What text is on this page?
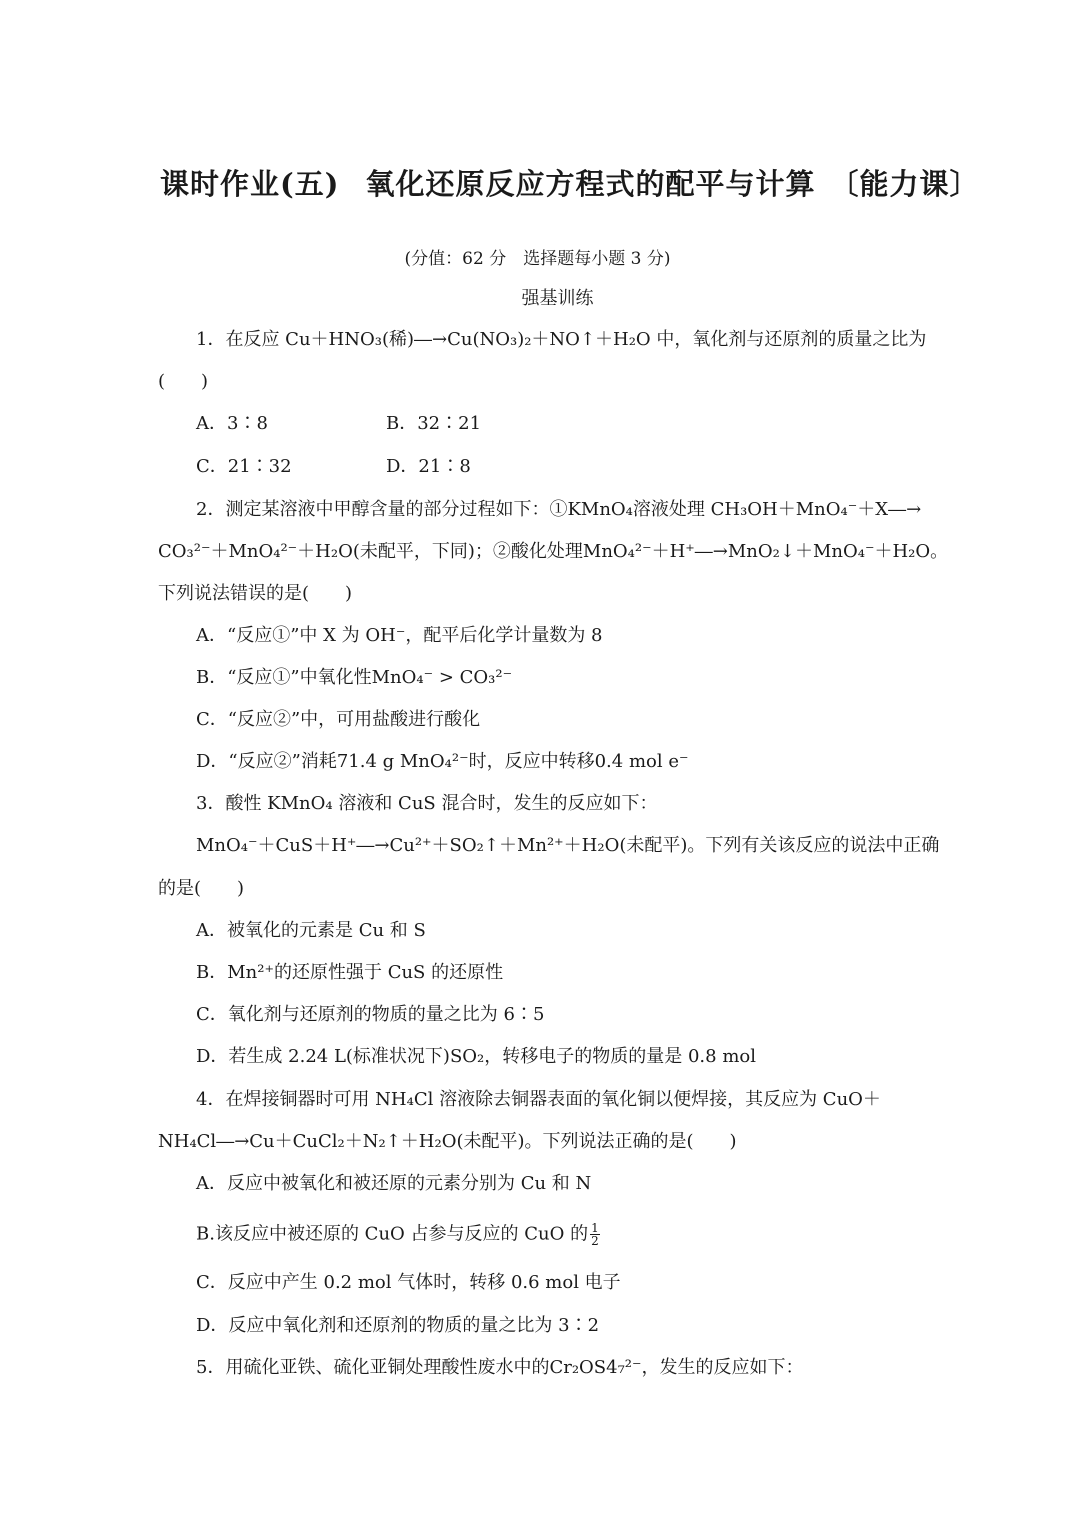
课时作业(五) 氧化还原反应方程式的配平与计算 〔能力课〕
(分值：62 分　选择题每小题 3 分)
强基训练
1．在反应 Cu＋HNO₃(稀)―→Cu(NO₃)₂＋NO↑＋H₂O 中，氧化剂与还原剂的质量之比为
(　　)
A．3∶8	B．32∶21
C．21∶32	D．21∶8
2．测定某溶液中甲醇含量的部分过程如下：①KMnO₄溶液处理 CH₃OH＋MnO₄⁻＋X―→
CO₃²⁻＋MnO₄²⁻＋H₂O(未配平，下同)；②酸化处理MnO₄²⁻＋H⁺―→MnO₂↓＋MnO₄⁻＋H₂O。
下列说法错误的是(　　)
A．“反应①”中 X 为 OH⁻，配平后化学计量数为 8
B．“反应①”中氧化性MnO₄⁻ > CO₃²⁻
C．“反应②”中，可用盐酸进行酸化
D．“反应②”消耗71.4 g MnO₄²⁻时，反应中转移0.4 mol e⁻
3．酸性 KMnO₄ 溶液和 CuS 混合时，发生的反应如下：
MnO₄⁻＋CuS＋H⁺―→Cu²⁺＋SO₂↑＋Mn²⁺＋H₂O(未配平)。下列有关该反应的说法中正确
的是(　　)
A．被氧化的元素是 Cu 和 S
B．Mn²⁺的还原性强于 CuS 的还原性
C．氧化剂与还原剂的物质的量之比为 6∶5
D．若生成 2.24 L(标准状况下)SO₂，转移电子的物质的量是 0.8 mol
4．在焊接铜器时可用 NH₄Cl 溶液除去铜器表面的氧化铜以便焊接，其反应为 CuO＋
NH₄Cl―→Cu＋CuCl₂＋N₂↑＋H₂O(未配平)。下列说法正确的是(　　)
A．反应中被氧化和被还原的元素分别为 Cu 和 N
B.该反应中被还原的 CuO 占参与反应的 CuO 的 $\frac{1}{2}$
C．反应中产生 0.2 mol 气体时，转移 0.6 mol 电子
D．反应中氧化剂和还原剂的物质的量之比为 3∶2
5．用硫化亚铁、硫化亚铜处理酸性废水中的Cr₂OS4₇²⁻，发生的反应如下：
